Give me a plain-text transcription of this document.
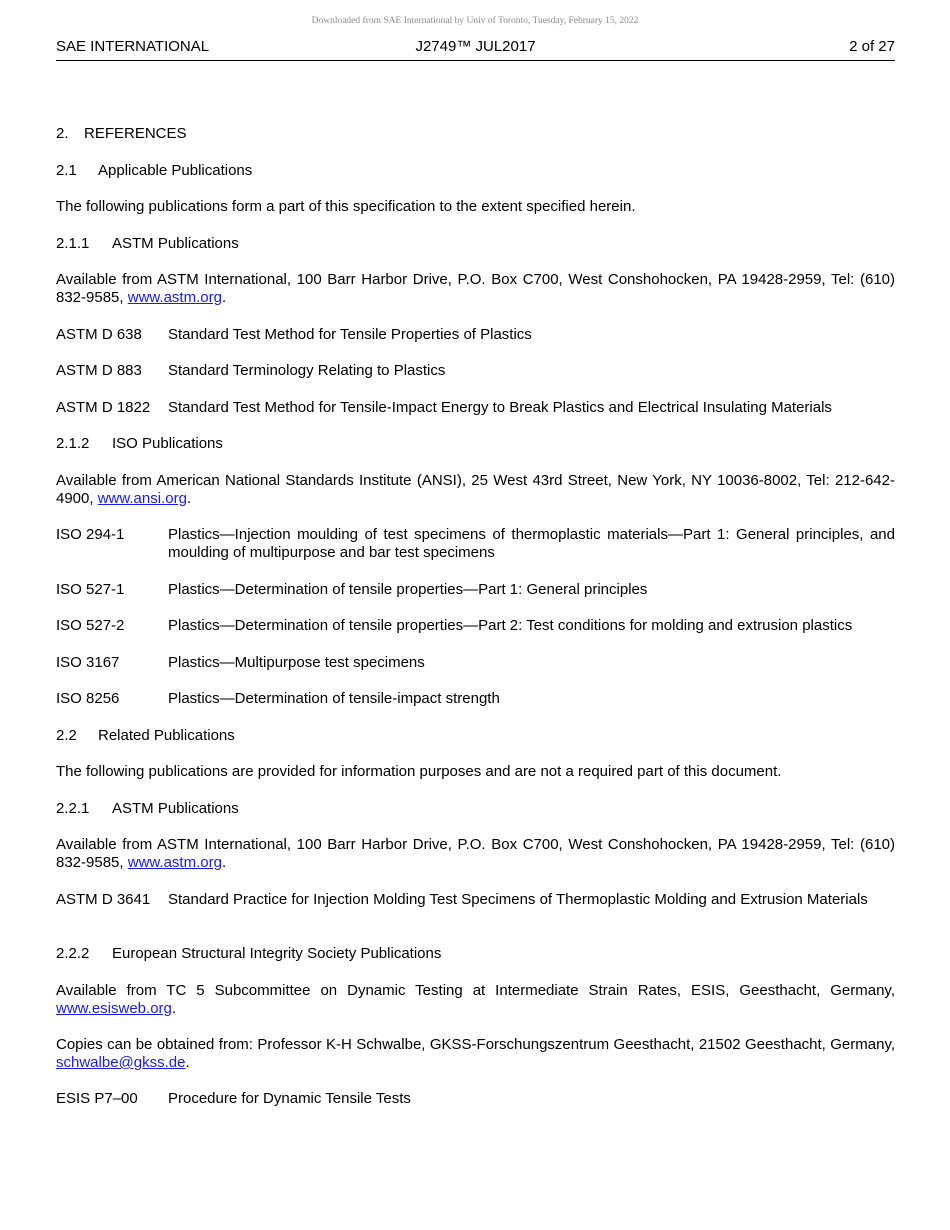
Downloaded from SAE International by Univ of Toronto, Tuesday, February 15, 2022
SAE INTERNATIONAL	J2749™ JUL2017	2 of 27
2. REFERENCES
2.1 Applicable Publications
The following publications form a part of this specification to the extent specified herein.
2.1.1 ASTM Publications
Available from ASTM International, 100 Barr Harbor Drive, P.O. Box C700, West Conshohocken, PA 19428-2959, Tel: (610) 832-9585, www.astm.org.
ASTM D 638 Standard Test Method for Tensile Properties of Plastics
ASTM D 883 Standard Terminology Relating to Plastics
ASTM D 1822 Standard Test Method for Tensile-Impact Energy to Break Plastics and Electrical Insulating Materials
2.1.2 ISO Publications
Available from American National Standards Institute (ANSI), 25 West 43rd Street, New York, NY 10036-8002, Tel: 212-642-4900, www.ansi.org.
ISO 294-1	Plastics—Injection moulding of test specimens of thermoplastic materials—Part 1: General principles, and moulding of multipurpose and bar test specimens
ISO 527-1	Plastics—Determination of tensile properties—Part 1: General principles
ISO 527-2	Plastics—Determination of tensile properties—Part 2: Test conditions for molding and extrusion plastics
ISO 3167	Plastics—Multipurpose test specimens
ISO 8256	Plastics—Determination of tensile-impact strength
2.2 Related Publications
The following publications are provided for information purposes and are not a required part of this document.
2.2.1 ASTM Publications
Available from ASTM International, 100 Barr Harbor Drive, P.O. Box C700, West Conshohocken, PA 19428-2959, Tel: (610) 832-9585, www.astm.org.
ASTM D 3641 Standard Practice for Injection Molding Test Specimens of Thermoplastic Molding and Extrusion Materials
2.2.2 European Structural Integrity Society Publications
Available from TC 5 Subcommittee on Dynamic Testing at Intermediate Strain Rates, ESIS, Geesthacht, Germany, www.esisweb.org.
Copies can be obtained from: Professor K-H Schwalbe, GKSS-Forschungszentrum Geesthacht, 21502 Geesthacht, Germany, schwalbe@gkss.de.
ESIS P7–00 Procedure for Dynamic Tensile Tests
